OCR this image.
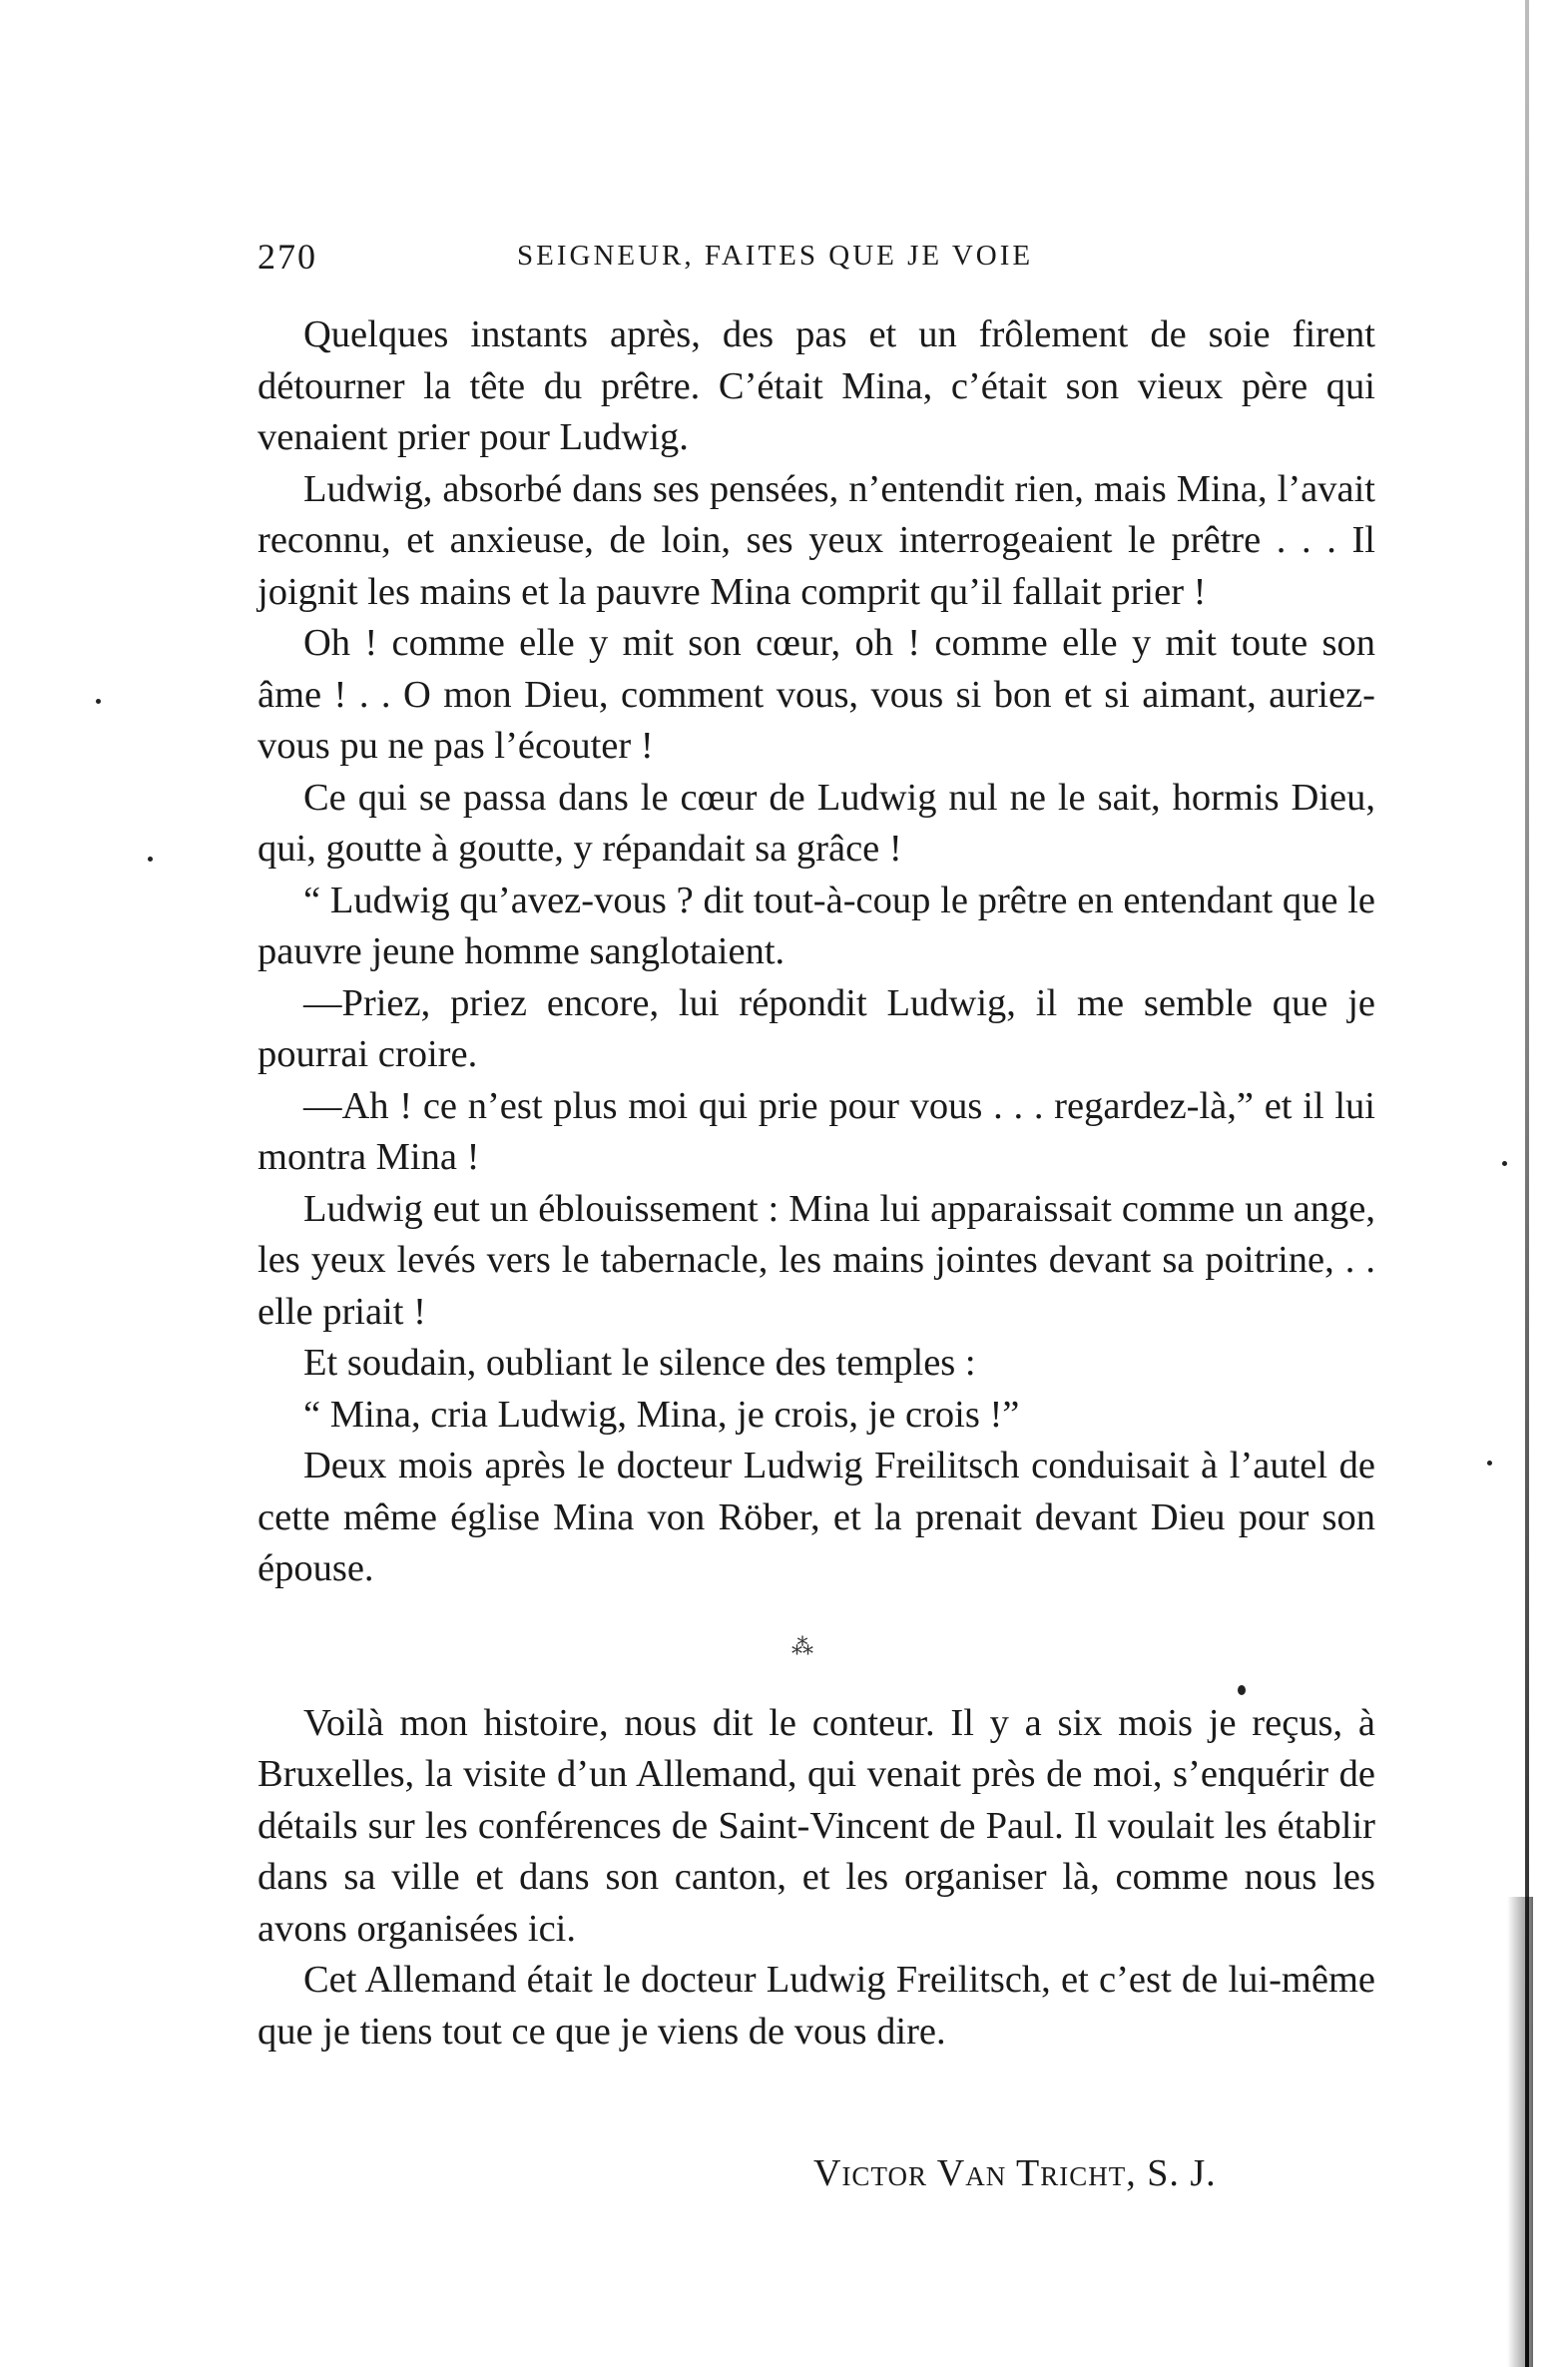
270	SEIGNEUR, FAITES QUE JE VOIE

Quelques instants après, des pas et un frôlement de soie firent détourner la tête du prêtre. C’était Mina, c’était son vieux père qui venaient prier pour Ludwig.

Ludwig, absorbé dans ses pensées, n’entendit rien, mais Mina, l’avait reconnu, et anxieuse, de loin, ses yeux interrogeaient le prêtre . . . Il joignit les mains et la pauvre Mina comprit qu’il fallait prier !

Oh ! comme elle y mit son cœur, oh ! comme elle y mit toute son âme ! . . O mon Dieu, comment vous, vous si bon et si aimant, auriez-vous pu ne pas l’écouter !

Ce qui se passa dans le cœur de Ludwig nul ne le sait, hormis Dieu, qui, goutte à goutte, y répandait sa grâce !

“ Ludwig qu’avez-vous ? dit tout-à-coup le prêtre en entendant que le pauvre jeune homme sanglotaient.

—Priez, priez encore, lui répondit Ludwig, il me semble que je pourrai croire.

—Ah ! ce n’est plus moi qui prie pour vous . . . regardez-là,” et il lui montra Mina !

Ludwig eut un éblouissement : Mina lui apparaissait comme un ange, les yeux levés vers le tabernacle, les mains jointes devant sa poitrine, . . elle priait !

Et soudain, oubliant le silence des temples :

“ Mina, cria Ludwig, Mina, je crois, je crois !”

Deux mois après le docteur Ludwig Freilitsch conduisait à l’autel de cette même église Mina von Röber, et la prenait devant Dieu pour son épouse.

⁂

Voilà mon histoire, nous dit le conteur. Il y a six mois je reçus, à Bruxelles, la visite d’un Allemand, qui venait près de moi, s’enquérir de détails sur les conférences de Saint-Vincent de Paul. Il voulait les établir dans sa ville et dans son canton, et les organiser là, comme nous les avons organisées ici.

Cet Allemand était le docteur Ludwig Freilitsch, et c’est de lui-même que je tiens tout ce que je viens de vous dire.

Victor Van Tricht, S. J.
